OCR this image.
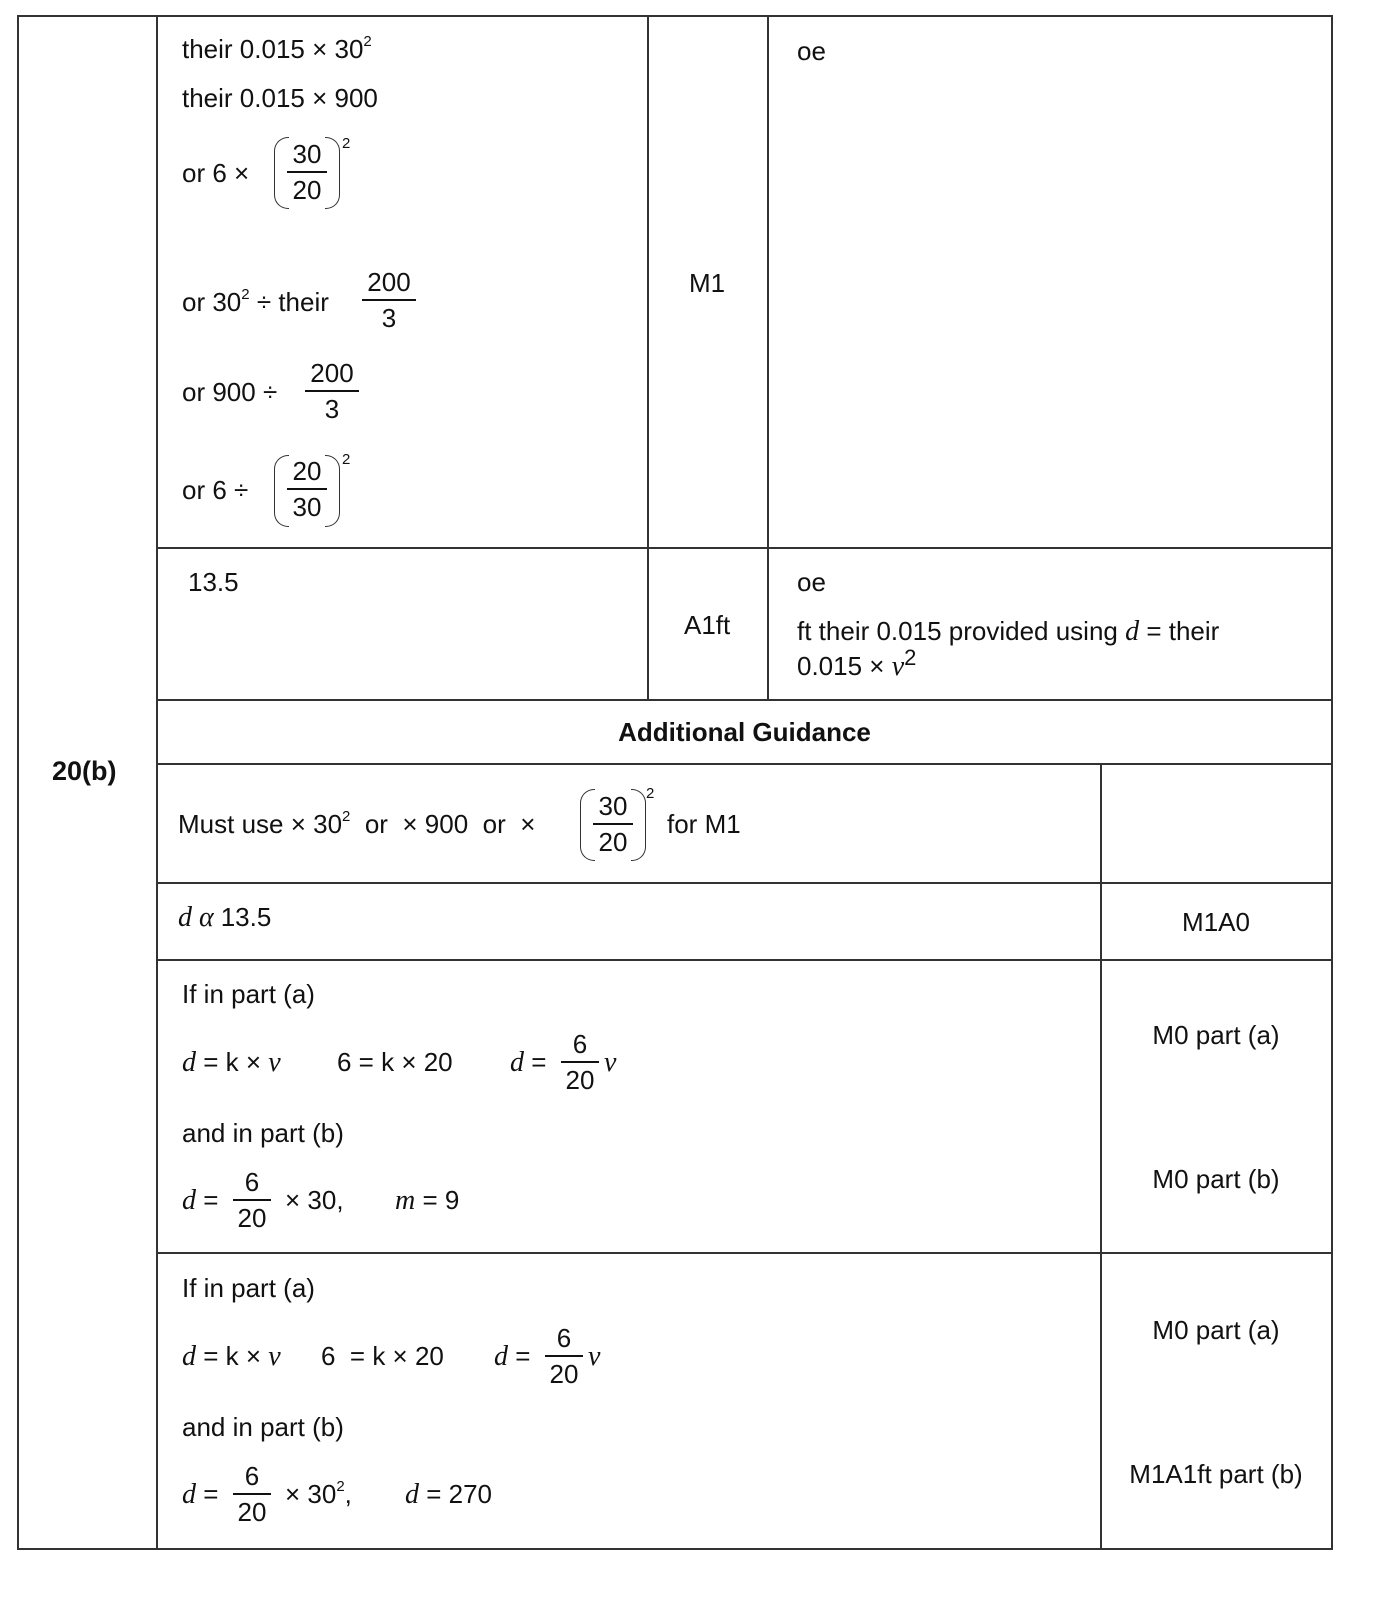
20(b)
their $0.015 \times 30^2$
their 0.015 × 900
or 6 ×
30
20
2
or $30^2$ ÷ their
200
3
or 900 ÷
200
3
or 6 ÷
20
30
2
M1
oe
13.5
A1ft
oe
ft their 0.015 provided using d = their
$0.015 \times v^2$
Additional Guidance
Must use × $30^2$  or  × 900  or  ×
30
20
2
for M1
d α 13.5	M1A0
If in part (a)
d = k × v 6 = k × 20 d =
6
20
v
and in part (b)
d =
6
20
× 30, m = 9
M0 part (a)
M0 part (b)
If in part (a)
d = k × v 6  = k × 20 d =
6
20
v
and in part (b)
d =
6
20
× $30^2$, d = 270
M0 part (a)
M1A1ft part (b)
